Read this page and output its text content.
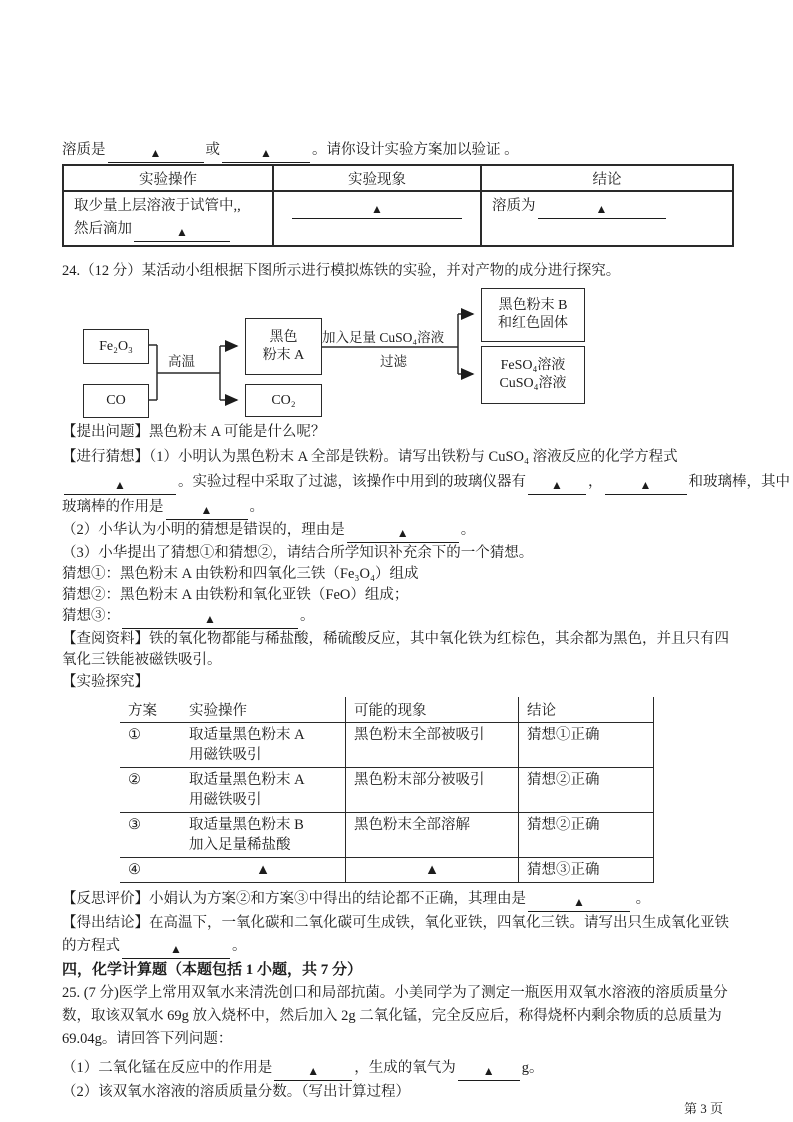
溶质是	▲	或	▲	。请你设计实验方案加以验证 。
实验操作	实验现象	结论
取少量上层溶液于试管中,,
然后滴加 ▲	▲	溶质为 ▲
24.（12 分）某活动小组根据下图所示进行模拟炼铁的实验，并对产物的成分进行探究。
Fe₂O₃
CO
黑色
粉末 A
CO₂
黑色粉末 B
和红色固体
FeSO₄溶液
CuSO₄溶液
高温
加入足量 CuSO₄溶液
过滤
【提出问题】黑色粉末 A 可能是什么呢？
【进行猜想】（1）小明认为黑色粉末 A 全部是铁粉。请写出铁粉与 CuSO₄ 溶液反应的化学方程式
▲	。实验过程中采取了过滤，该操作中用到的玻璃仪器有 ▲ ，	▲	和玻璃棒，其中
玻璃棒的作用是	▲	。
（2）小华认为小明的猜想是错误的，理由是	▲	。
（3）小华提出了猜想①和猜想②，请结合所学知识补充余下的一个猜想。
猜想①：黑色粉末 A 由铁粉和四氧化三铁（Fe₃O₄）组成
猜想②：黑色粉末 A 由铁粉和氧化亚铁（FeO）组成；
猜想③：	▲	。
【查阅资料】铁的氧化物都能与稀盐酸，稀硫酸反应，其中氧化铁为红棕色，其余都为黑色，并且只有四
氧化三铁能被磁铁吸引。
【实验探究】
方案	实验操作	可能的现象	结论
①	取适量黑色粉末 A
用磁铁吸引	黑色粉末全部被吸引	猜想①正确
②	取适量黑色粉末 A
用磁铁吸引	黑色粉末部分被吸引	猜想②正确
③	取适量黑色粉末 B
加入足量稀盐酸	黑色粉末全部溶解	猜想②正确
④	▲	▲	猜想③正确
【反思评价】小娟认为方案②和方案③中得出的结论都不正确，其理由是	▲	。
【得出结论】在高温下，一氧化碳和二氧化碳可生成铁，氧化亚铁，四氧化三铁。请写出只生成氧化亚铁
的方程式	▲	。
四，化学计算题（本题包括 1 小题，共 7 分）
25. (7 分)医学上常用双氧水来清洗创口和局部抗菌。小美同学为了测定一瓶医用双氧水溶液的溶质质量分
数，取该双氧水 69g 放入烧杯中，然后加入 2g 二氧化锰，完全反应后，称得烧杯内剩余物质的总质量为
69.04g。请回答下列问题：
（1）二氧化锰在反应中的作用是	▲ ，生成的氧气为 ▲ g。
（2）该双氧水溶液的溶质质量分数。（写出计算过程）
第 3 页
